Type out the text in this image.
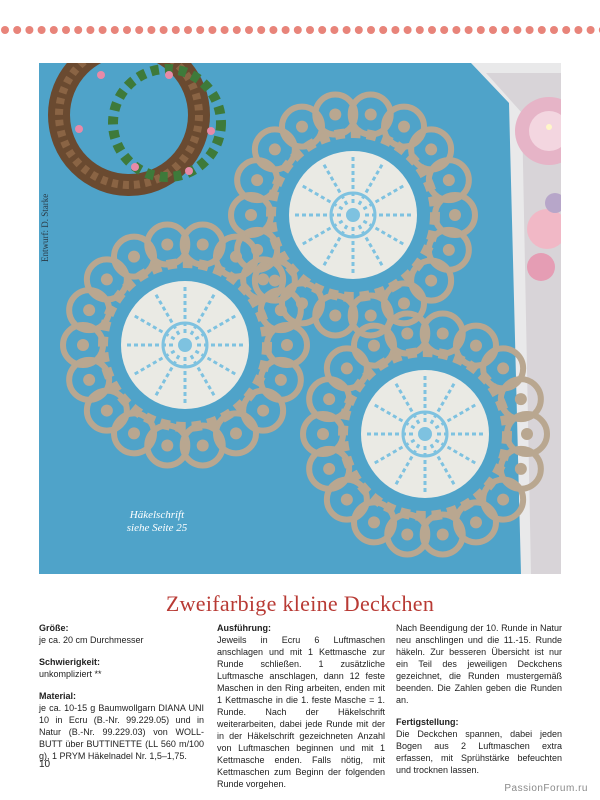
Entwurf: D. Starke
Häkelschrift
siehe Seite 25
Zweifarbige kleine Deckchen

Größe:

je ca. 20 cm Durchmesser

Schwierigkeit:

unkompliziert **

Material:

je ca. 10-15 g Baumwollgarn DIANA UNI 10 in Ecru (B.-Nr. 99.229.05) und in Natur (B.-Nr. 99.229.03) von WOLL-BUTT über BUTTINETTE (LL 560 m/100 g), 1 PRYM Häkelnadel Nr. 1,5–1,75.

Ausführung:

Jeweils in Ecru 6 Luftmaschen anschlagen und mit 1 Kettmasche zur Runde schließen. 1 zusätzliche Luftmasche anschlagen, dann 12 feste Maschen in den Ring arbeiten, enden mit 1 Kettmasche in die 1. feste Masche = 1. Runde. Nach der Häkelschrift weiterarbeiten, dabei jede Runde mit der in der Häkelschrift gezeichneten Anzahl von Luftmaschen beginnen und mit 1 Kettmasche enden. Falls nötig, mit Kettmaschen zum Beginn der folgenden Runde vorgehen.

Nach Beendigung der 10. Runde in Natur neu anschlingen und die 11.-15. Runde häkeln. Zur besseren Übersicht ist nur ein Teil des jeweiligen Deckchens gezeichnet, die Runden mustergemäß beenden. Die Zahlen geben die Runden an.

Fertigstellung:

Die Deckchen spannen, dabei jeden Bogen aus 2 Luftmaschen extra erfassen, mit Sprühstärke befeuchten und trocknen lassen.

10
PassionForum.ru
